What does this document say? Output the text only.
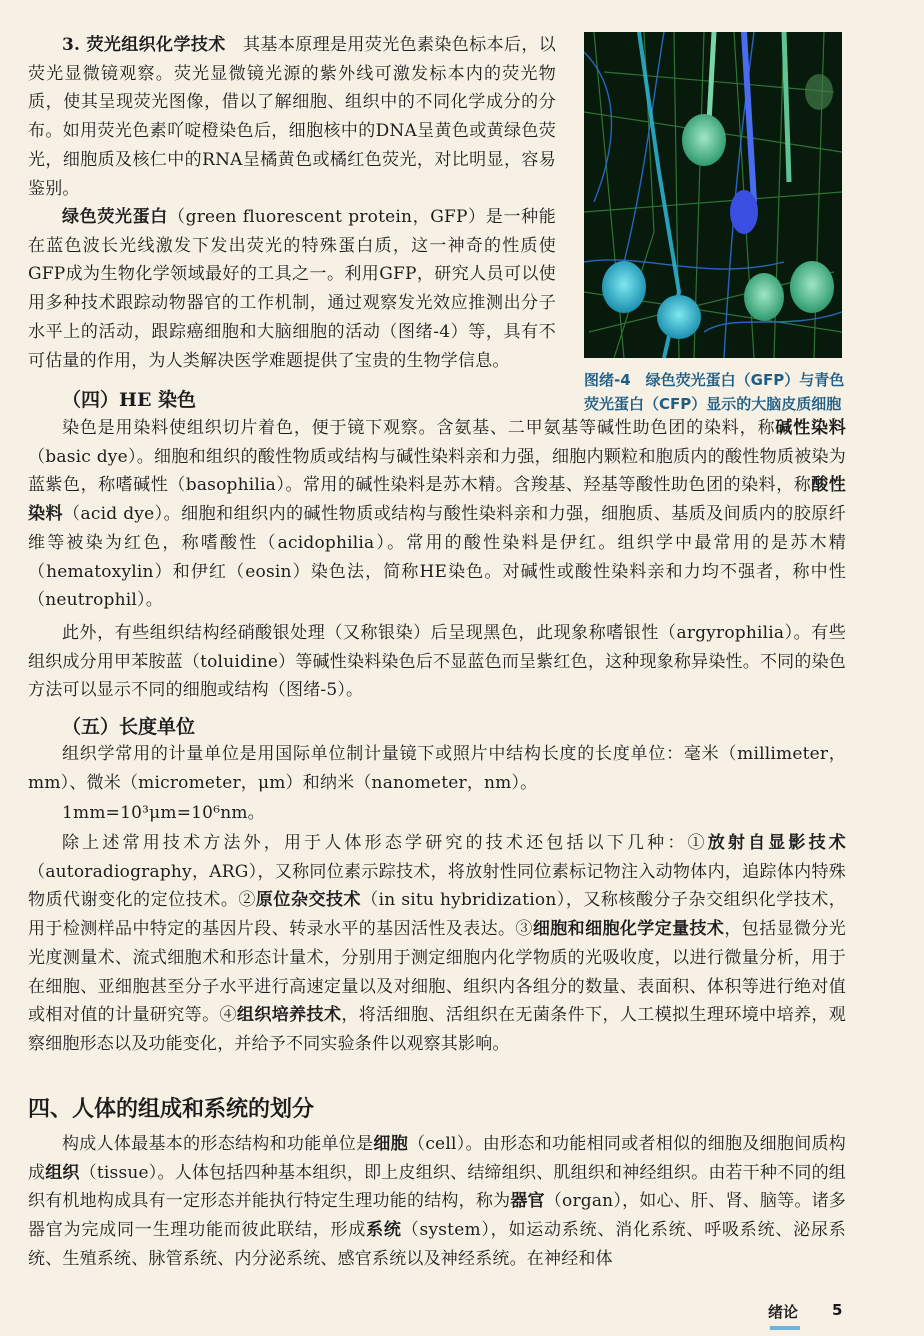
3. 荧光组织化学技术　 其基本原理是用荧光色素染色标本后，以荧光显微镜观察。荧光显微镜光源的紫外线可激发标本内的荧光物质，使其呈现荧光图像，借以了解细胞、组织中的不同化学成分的分布。如用荧光色素吖啶橙染色后，细胞核中的DNA呈黄色或黄绿色荧光，细胞质及核仁中的RNA呈橘黄色或橘红色荧光，对比明显，容易鉴别。

绿色荧光蛋白（green fluorescent protein，GFP）是一种能在蓝色波长光线激发下发出荧光的特殊蛋白质，这一神奇的性质使GFP成为生物化学领域最好的工具之一。利用GFP，研究人员可以使用多种技术跟踪动物器官的工作机制，通过观察发光效应推测出分子水平上的活动，跟踪癌细胞和大脑细胞的活动（图绪-4）等，具有不可估量的作用，为人类解决医学难题提供了宝贵的生物学信息。

图绪-4　绿色荧光蛋白（GFP）与青色荧光蛋白（CFP）显示的大脑皮质细胞

（四）HE 染色

染色是用染料使组织切片着色，便于镜下观察。含氨基、二甲氨基等碱性助色团的染料，称碱性染料（basic dye）。细胞和组织的酸性物质或结构与碱性染料亲和力强，细胞内颗粒和胞质内的酸性物质被染为蓝紫色，称嗜碱性（basophilia）。常用的碱性染料是苏木精。含羧基、羟基等酸性助色团的染料，称酸性染料（acid dye）。细胞和组织内的碱性物质或结构与酸性染料亲和力强，细胞质、基质及间质内的胶原纤维等被染为红色，称嗜酸性（acidophilia）。常用的酸性染料是伊红。组织学中最常用的是苏木精（hematoxylin）和伊红（eosin）染色法，简称HE染色。对碱性或酸性染料亲和力均不强者，称中性（neutrophil）。

此外，有些组织结构经硝酸银处理（又称银染）后呈现黑色，此现象称嗜银性（argyrophilia）。有些组织成分用甲苯胺蓝（toluidine）等碱性染料染色后不显蓝色而呈紫红色，这种现象称异染性。不同的染色方法可以显示不同的细胞或结构（图绪-5）。

（五）长度单位

组织学常用的计量单位是用国际单位制计量镜下或照片中结构长度的长度单位：毫米（millimeter，mm）、微米（micrometer，μm）和纳米（nanometer，nm）。

1mm=10³μm=10⁶nm。

除上述常用技术方法外，用于人体形态学研究的技术还包括以下几种：①放射自显影技术（autoradiography，ARG），又称同位素示踪技术，将放射性同位素标记物注入动物体内，追踪体内特殊物质代谢变化的定位技术。②原位杂交技术（in situ hybridization），又称核酸分子杂交组织化学技术，用于检测样品中特定的基因片段、转录水平的基因活性及表达。③细胞和细胞化学定量技术，包括显微分光光度测量术、流式细胞术和形态计量术，分别用于测定细胞内化学物质的光吸收度，以进行微量分析，用于在细胞、亚细胞甚至分子水平进行高速定量以及对细胞、组织内各组分的数量、表面积、体积等进行绝对值或相对值的计量研究等。④组织培养技术，将活细胞、活组织在无菌条件下，人工模拟生理环境中培养，观察细胞形态以及功能变化，并给予不同实验条件以观察其影响。

四、人体的组成和系统的划分

构成人体最基本的形态结构和功能单位是细胞（cell）。由形态和功能相同或者相似的细胞及细胞间质构成组织（tissue）。人体包括四种基本组织，即上皮组织、结缔组织、肌组织和神经组织。由若干种不同的组织有机地构成具有一定形态并能执行特定生理功能的结构，称为器官（organ），如心、肝、肾、脑等。诸多器官为完成同一生理功能而彼此联结，形成系统（system），如运动系统、消化系统、呼吸系统、泌尿系统、生殖系统、脉管系统、内分泌系统、感官系统以及神经系统。在神经和体

绪论 5
